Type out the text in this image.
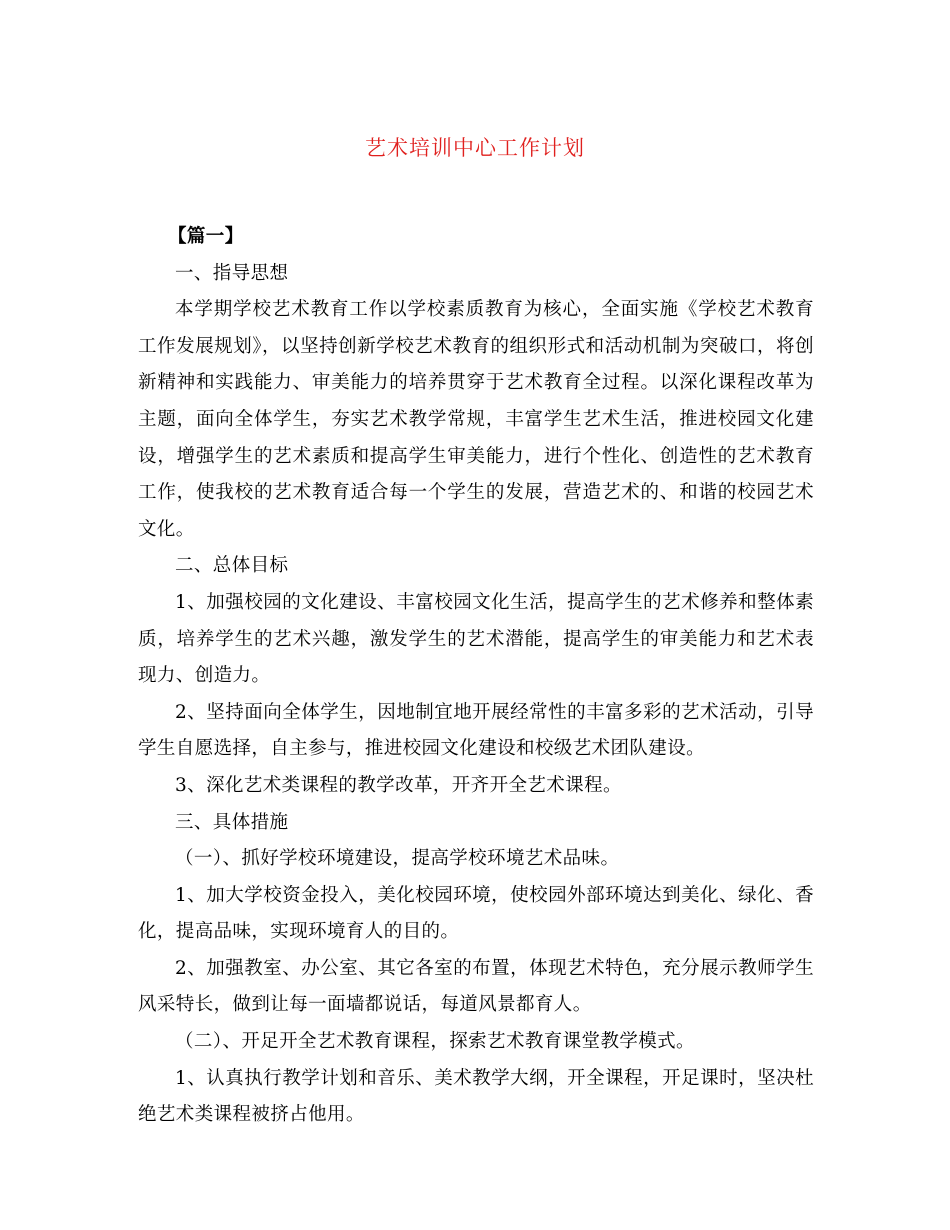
艺术培训中心工作计划

【篇一】

一、指导思想

本学期学校艺术教育工作以学校素质教育为核心，全面实施《学校艺术教育工作发展规划》，以坚持创新学校艺术教育的组织形式和活动机制为突破口，将创新精神和实践能力、审美能力的培养贯穿于艺术教育全过程。以深化课程改革为主题，面向全体学生，夯实艺术教学常规，丰富学生艺术生活，推进校园文化建设，增强学生的艺术素质和提高学生审美能力，进行个性化、创造性的艺术教育工作，使我校的艺术教育适合每一个学生的发展，营造艺术的、和谐的校园艺术文化。

二、总体目标

1、加强校园的文化建设、丰富校园文化生活，提高学生的艺术修养和整体素质，培养学生的艺术兴趣，激发学生的艺术潜能，提高学生的审美能力和艺术表现力、创造力。

2、坚持面向全体学生，因地制宜地开展经常性的丰富多彩的艺术活动，引导学生自愿选择，自主参与，推进校园文化建设和校级艺术团队建设。

3、深化艺术类课程的教学改革，开齐开全艺术课程。

三、具体措施

（一）、抓好学校环境建设，提高学校环境艺术品味。

1、加大学校资金投入，美化校园环境，使校园外部环境达到美化、绿化、香化，提高品味，实现环境育人的目的。

2、加强教室、办公室、其它各室的布置，体现艺术特色，充分展示教师学生风采特长，做到让每一面墙都说话，每道风景都育人。

（二）、开足开全艺术教育课程，探索艺术教育课堂教学模式。

1、认真执行教学计划和音乐、美术教学大纲，开全课程，开足课时，坚决杜绝艺术类课程被挤占他用。
